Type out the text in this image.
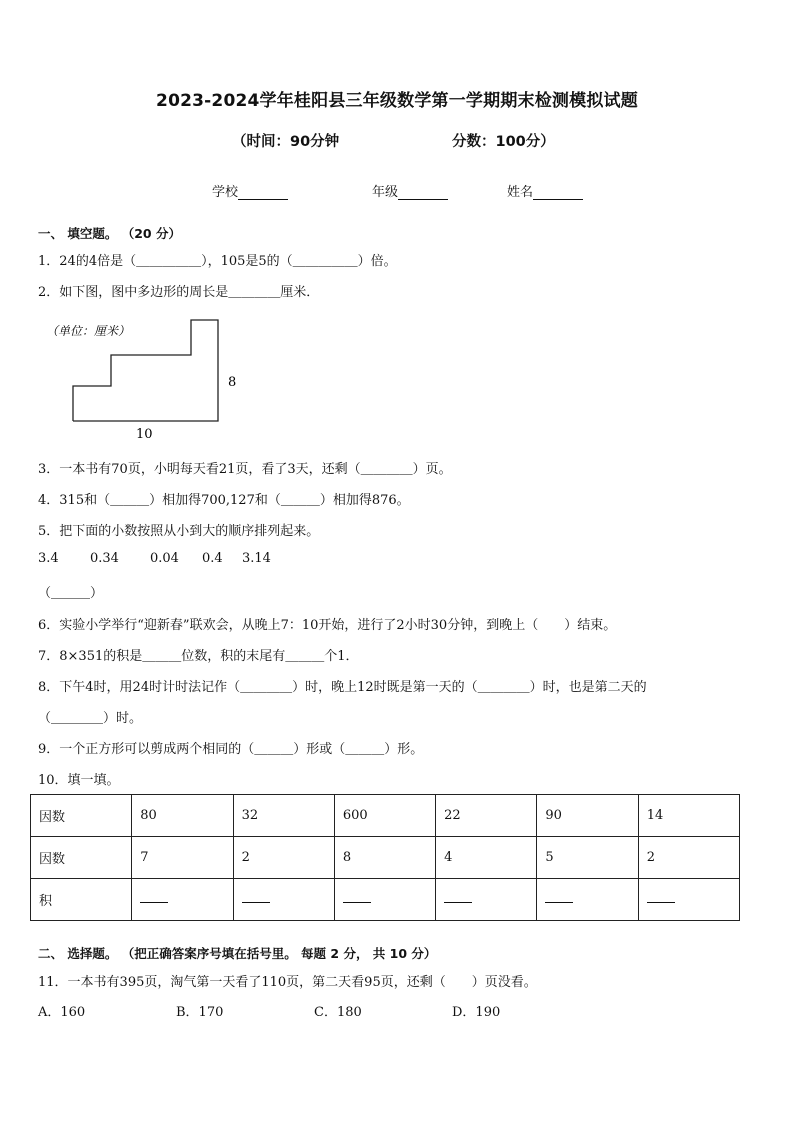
2023-2024学年桂阳县三年级数学第一学期期末检测模拟试题
（时间：90分钟	分数：100分）
学校	年级	姓名
一、 填空题。 （20 分）
1．24的4倍是（＿＿＿＿＿），105是5的（＿＿＿＿＿）倍。
2．如下图，图中多边形的周长是＿＿＿＿厘米．
（单位：厘米）
8
10
3．一本书有70页，小明每天看21页，看了3天，还剩（＿＿＿＿）页。
4．315和（＿＿＿）相加得700,127和（＿＿＿）相加得876。
5．把下面的小数按照从小到大的顺序排列起来。
3.4 0.34 0.04 0.4 3.14
（＿＿＿）
6．实验小学举行“迎新春”联欢会，从晚上7：10开始，进行了2小时30分钟，到晚上（　　）结束。
7．8×351的积是＿＿＿位数，积的末尾有＿＿＿个1．
8．下午4时，用24时计时法记作（＿＿＿＿）时，晚上12时既是第一天的（＿＿＿＿）时，也是第二天的
（＿＿＿＿）时。
9．一个正方形可以剪成两个相同的（＿＿＿）形或（＿＿＿）形。
10．填一填。
因数	80	32	600	22	90	14
因数	7	2	8	4	5	2
积						
二、 选择题。 （把正确答案序号填在括号里。 每题 2 分， 共 10 分）
11．一本书有395页，淘气第一天看了110页，第二天看95页，还剩（　　）页没看。
A．160	B．170	C．180	D．190
